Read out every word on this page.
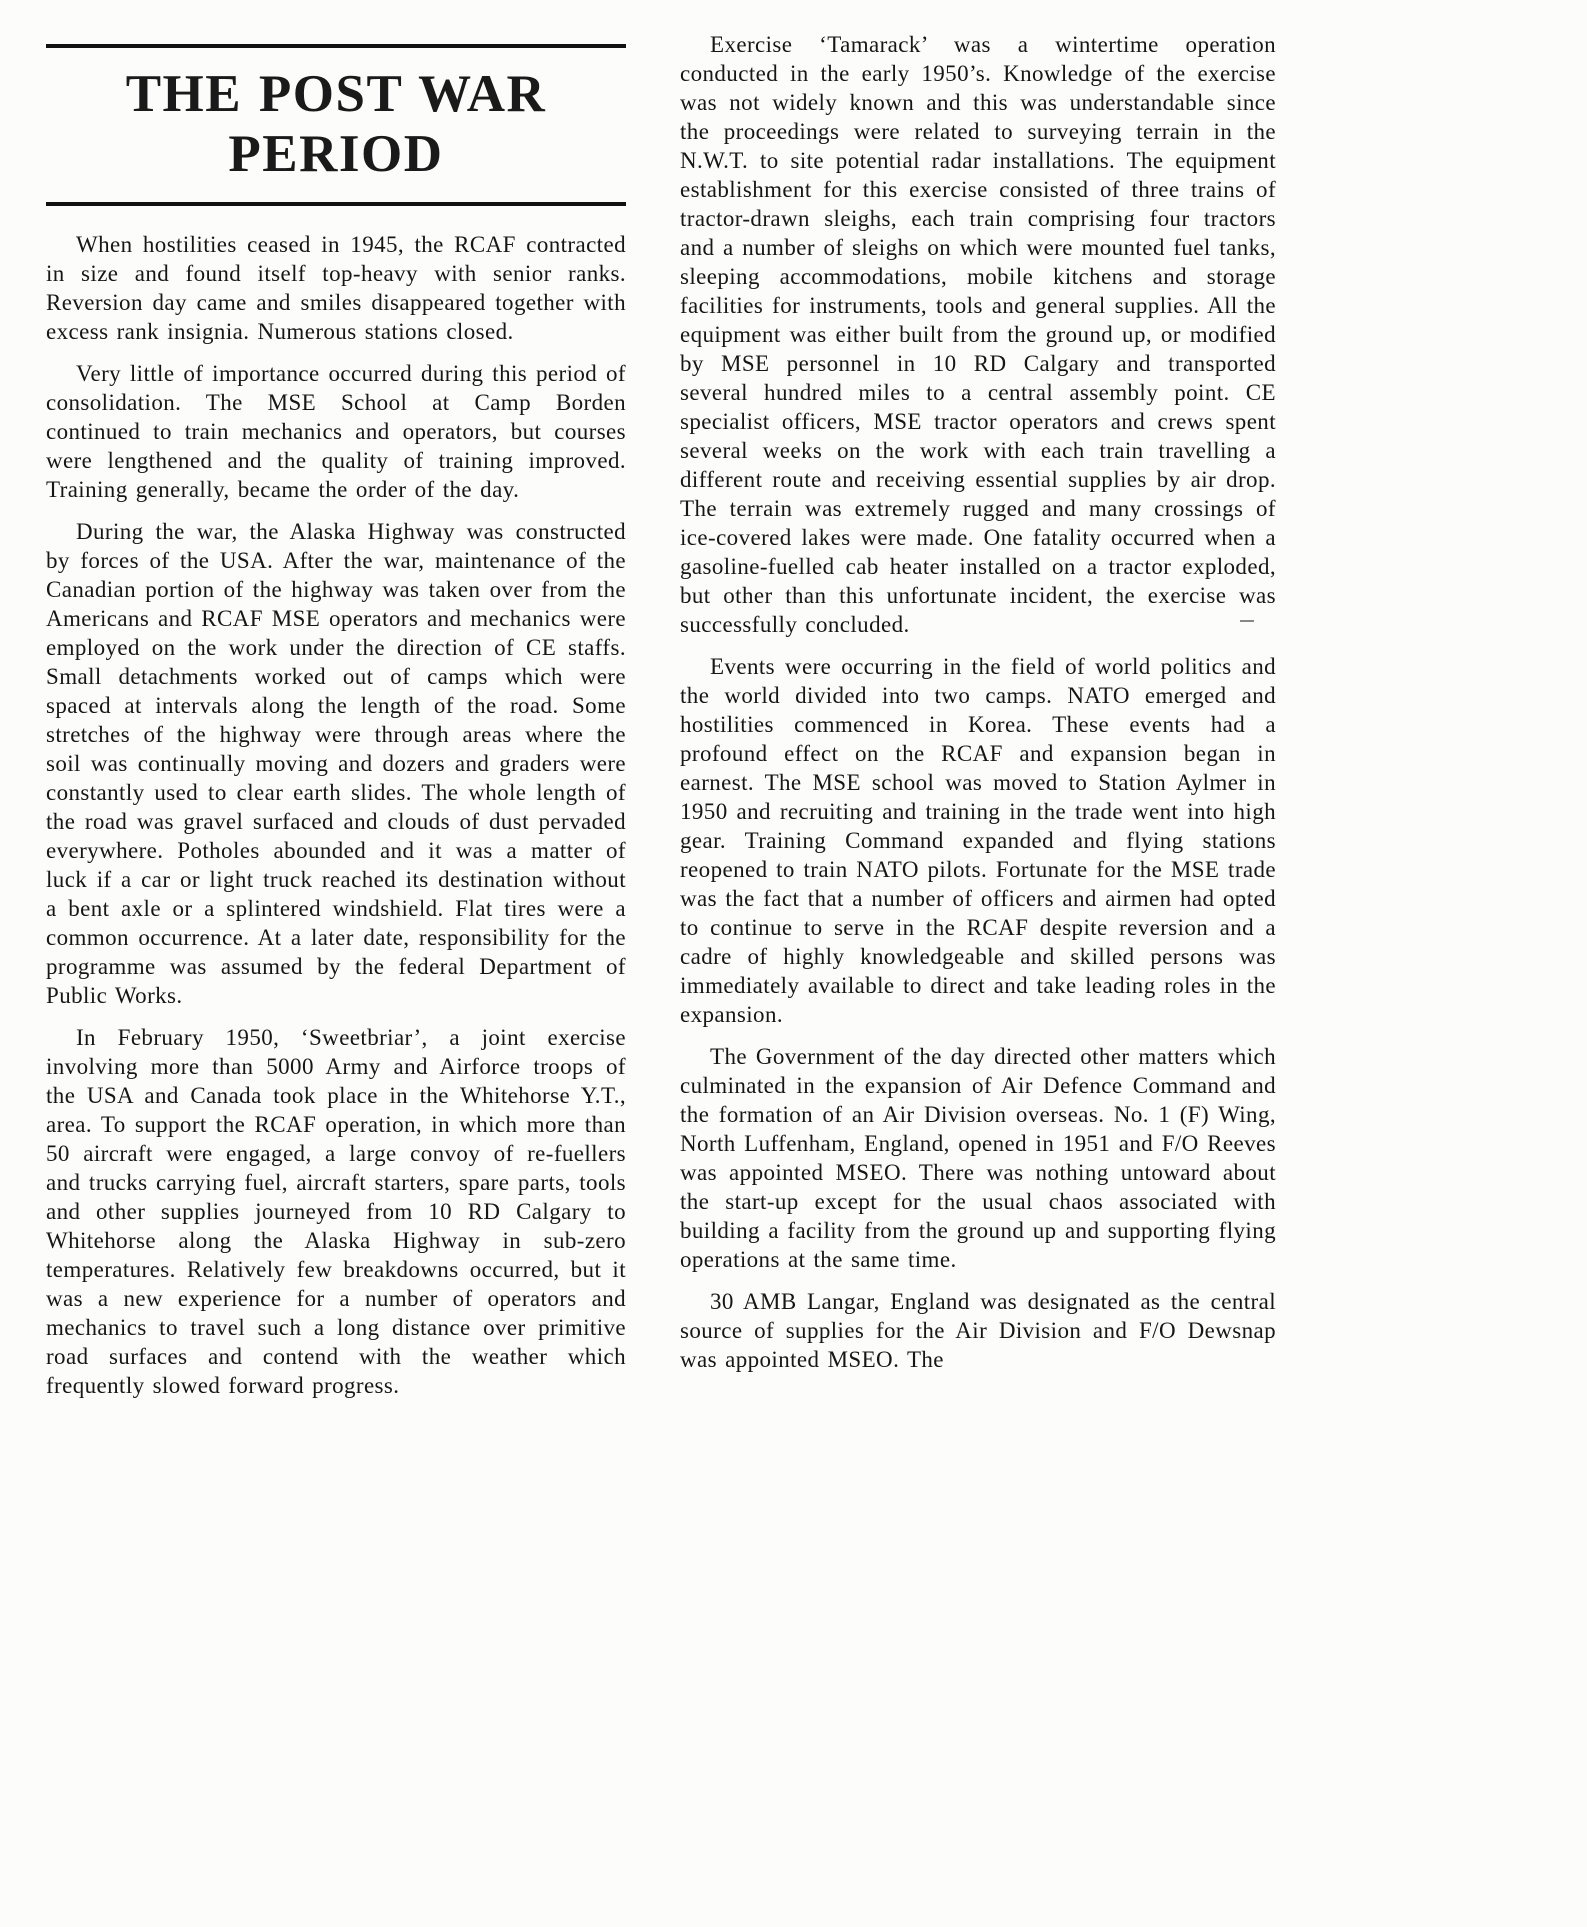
THE POST WAR
PERIOD

When hostilities ceased in 1945, the RCAF contracted in size and found itself top-heavy with senior ranks. Reversion day came and smiles disappeared together with excess rank insignia. Numerous stations closed.

Very little of importance occurred during this period of consolidation. The MSE School at Camp Borden continued to train mechanics and operators, but courses were lengthened and the quality of training improved. Training generally, became the order of the day.

During the war, the Alaska Highway was constructed by forces of the USA. After the war, maintenance of the Canadian portion of the highway was taken over from the Americans and RCAF MSE operators and mechanics were employed on the work under the direction of CE staffs. Small detachments worked out of camps which were spaced at intervals along the length of the road. Some stretches of the highway were through areas where the soil was continually moving and dozers and graders were constantly used to clear earth slides. The whole length of the road was gravel surfaced and clouds of dust pervaded everywhere. Potholes abounded and it was a matter of luck if a car or light truck reached its destination without a bent axle or a splintered windshield. Flat tires were a common occurrence. At a later date, responsibility for the programme was assumed by the federal Department of Public Works.

In February 1950, ‘Sweetbriar’, a joint exercise involving more than 5000 Army and Airforce troops of the USA and Canada took place in the Whitehorse Y.T., area. To support the RCAF operation, in which more than 50 aircraft were engaged, a large convoy of re-fuellers and trucks carrying fuel, aircraft starters, spare parts, tools and other supplies journeyed from 10 RD Calgary to Whitehorse along the Alaska Highway in sub-zero temperatures. Relatively few breakdowns occurred, but it was a new experience for a number of operators and mechanics to travel such a long distance over primitive road surfaces and contend with the weather which frequently slowed forward progress.

Exercise ‘Tamarack’ was a wintertime operation conducted in the early 1950’s. Knowledge of the exercise was not widely known and this was understandable since the proceedings were related to surveying terrain in the N.W.T. to site potential radar installations. The equipment establishment for this exercise consisted of three trains of tractor-drawn sleighs, each train comprising four tractors and a number of sleighs on which were mounted fuel tanks, sleeping accommodations, mobile kitchens and storage facilities for instruments, tools and general supplies. All the equipment was either built from the ground up, or modified by MSE personnel in 10 RD Calgary and transported several hundred miles to a central assembly point. CE specialist officers, MSE tractor operators and crews spent several weeks on the work with each train travelling a different route and receiving essential supplies by air drop. The terrain was extremely rugged and many crossings of ice-covered lakes were made. One fatality occurred when a gasoline-fuelled cab heater installed on a tractor exploded, but other than this unfortunate incident, the exercise was successfully concluded.

Events were occurring in the field of world politics and the world divided into two camps. NATO emerged and hostilities commenced in Korea. These events had a profound effect on the RCAF and expansion began in earnest. The MSE school was moved to Station Aylmer in 1950 and recruiting and training in the trade went into high gear. Training Command expanded and flying stations reopened to train NATO pilots. Fortunate for the MSE trade was the fact that a number of officers and airmen had opted to continue to serve in the RCAF despite reversion and a cadre of highly knowledgeable and skilled persons was immediately available to direct and take leading roles in the expansion.

The Government of the day directed other matters which culminated in the expansion of Air Defence Command and the formation of an Air Division overseas. No. 1 (F) Wing, North Luffenham, England, opened in 1951 and F/O Reeves was appointed MSEO. There was nothing untoward about the start-up except for the usual chaos associated with building a facility from the ground up and supporting flying operations at the same time.

30 AMB Langar, England was designated as the central source of supplies for the Air Division and F/O Dewsnap was appointed MSEO. The
